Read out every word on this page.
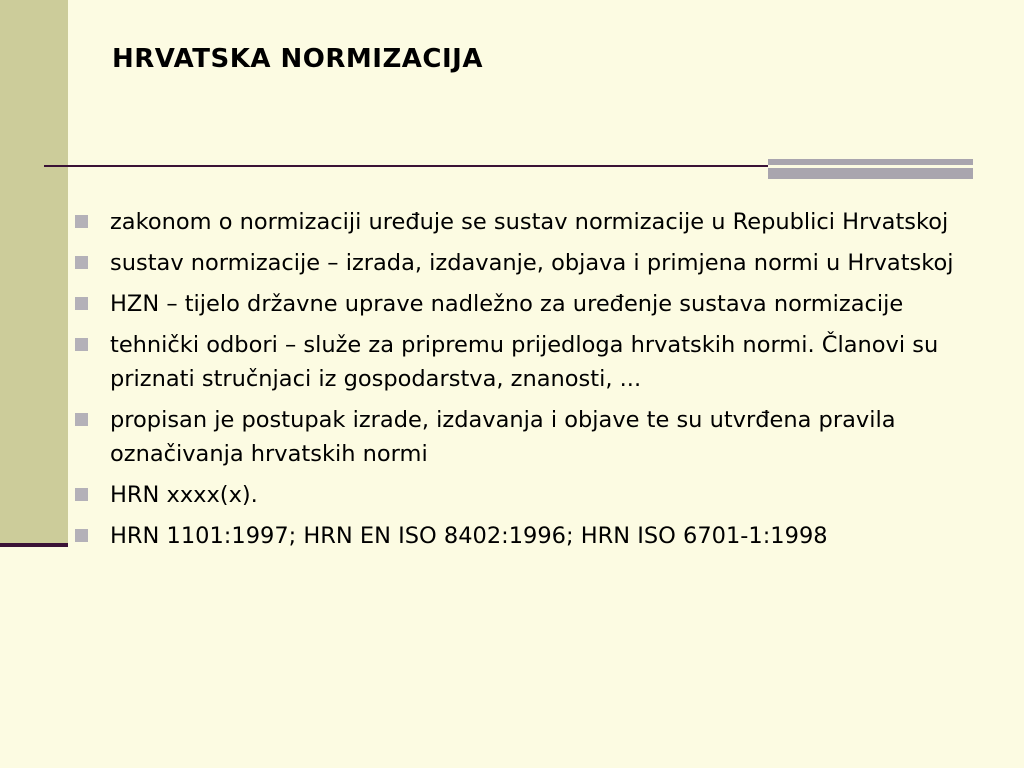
HRVATSKA NORMIZACIJA
zakonom o normizaciji uređuje se sustav normizacije u Republici Hrvatskoj
sustav normizacije – izrada, izdavanje, objava i primjena normi u Hrvatskoj
HZN – tijelo državne uprave nadležno za uređenje sustava normizacije
tehnički odbori – služe za pripremu prijedloga hrvatskih normi. Članovi su priznati stručnjaci iz gospodarstva, znanosti, ...
propisan je postupak izrade, izdavanja i objave te su utvrđena pravila označivanja hrvatskih normi
HRN xxxx(x).
HRN 1101:1997; HRN EN ISO 8402:1996; HRN ISO 6701-1:1998
